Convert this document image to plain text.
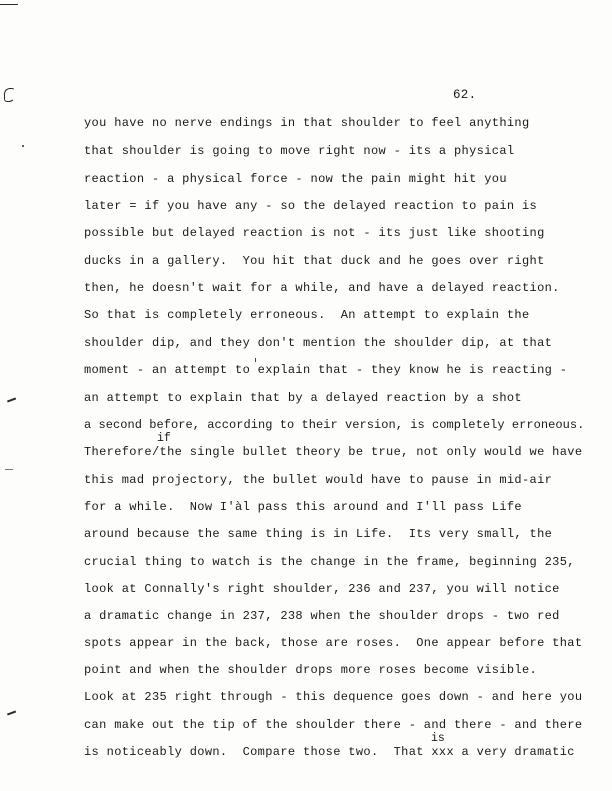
62.
you have no nerve endings in that shoulder to feel anything
that shoulder is going to move right now - its a physical
reaction - a physical force - now the pain might hit you
later = if you have any - so the delayed reaction to pain is
possible but delayed reaction is not - its just like shooting
ducks in a gallery.  You hit that duck and he goes over right
then, he doesn't wait for a while, and have a delayed reaction.
So that is completely erroneous.  An attempt to explain the
shoulder dip, and they don't mention the shoulder dip, at that
moment - an attempt to explain that - they know he is reacting -
an attempt to explain that by a delayed reaction by a shot
a second before, according to their version, is completely erroneous.
if
Therefore/the single bullet theory be true, not only would we have
this mad projectory, the bullet would have to pause in mid-air
for a while.  Now I'àl pass this around and I'll pass Life
around because the same thing is in Life.  Its very small, the
crucial thing to watch is the change in the frame, beginning 235,
look at Connally's right shoulder, 236 and 237, you will notice
a dramatic change in 237, 238 when the shoulder drops - two red
spots appear in the back, those are roses.  One appear before that
point and when the shoulder drops more roses become visible.
Look at 235 right through - this dequence goes down - and here you
can make out the tip of the shoulder there - and there - and there
is
is noticeably down.  Compare those two.  That xxx a very dramatic
